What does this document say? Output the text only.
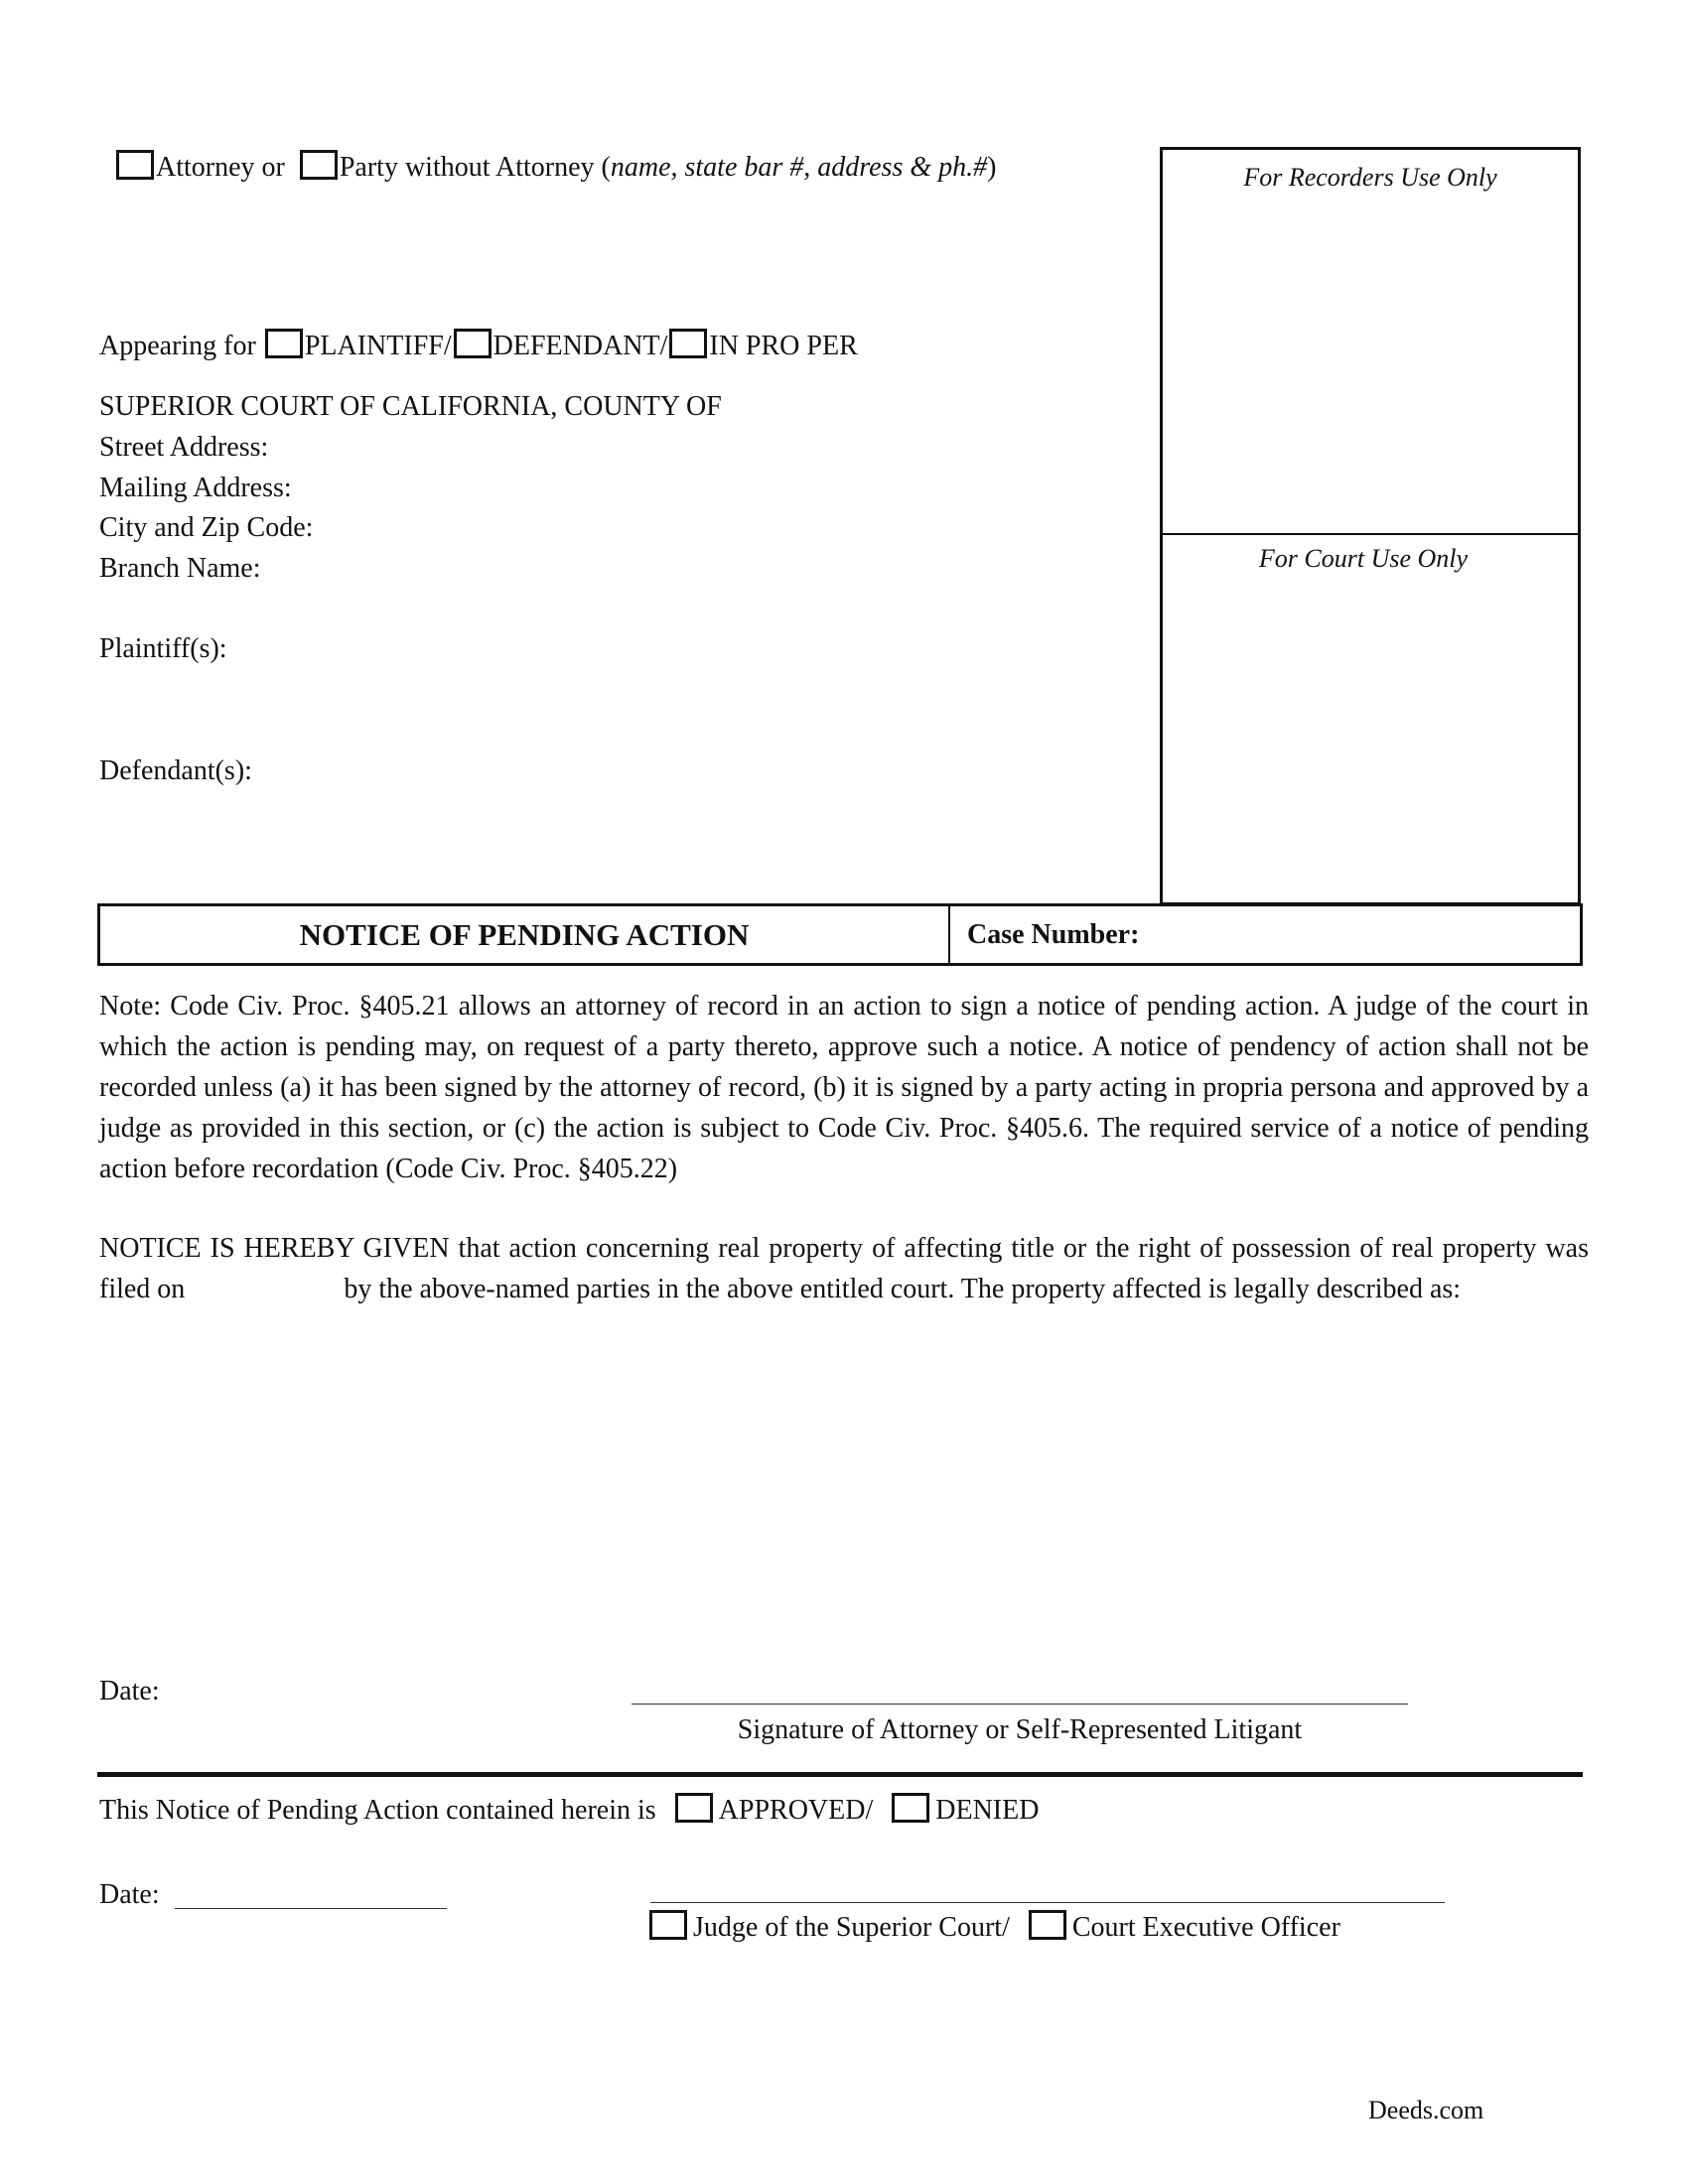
Attorney or Party without Attorney (name, state bar #, address & ph.#)
Appearing for PLAINTIFF/ DEFENDANT/ IN PRO PER
SUPERIOR COURT OF CALIFORNIA, COUNTY OF
Street Address:
Mailing Address:
City and Zip Code:
Branch Name:
Plaintiff(s):
Defendant(s):
For Recorders Use Only
For Court Use Only
NOTICE OF PENDING ACTION	Case Number:
Note: Code Civ. Proc. §405.21 allows an attorney of record in an action to sign a notice of pending action. A judge of the court in which the action is pending may, on request of a party thereto, approve such a notice. A notice of pendency of action shall not be recorded unless (a) it has been signed by the attorney of record, (b) it is signed by a party acting in propria persona and approved by a judge as provided in this section, or (c) the action is subject to Code Civ. Proc. §405.6. The required service of a notice of pending action before recordation (Code Civ. Proc. §405.22)
NOTICE IS HEREBY GIVEN that action concerning real property of affecting title or the right of possession of real property was filed on	by the above-named parties in the above entitled court. The property affected is legally described as:
Date:
Signature of Attorney or Self-Represented Litigant
This Notice of Pending Action contained herein is APPROVED/ DENIED
Date:
Judge of the Superior Court/ Court Executive Officer
Deeds.com
